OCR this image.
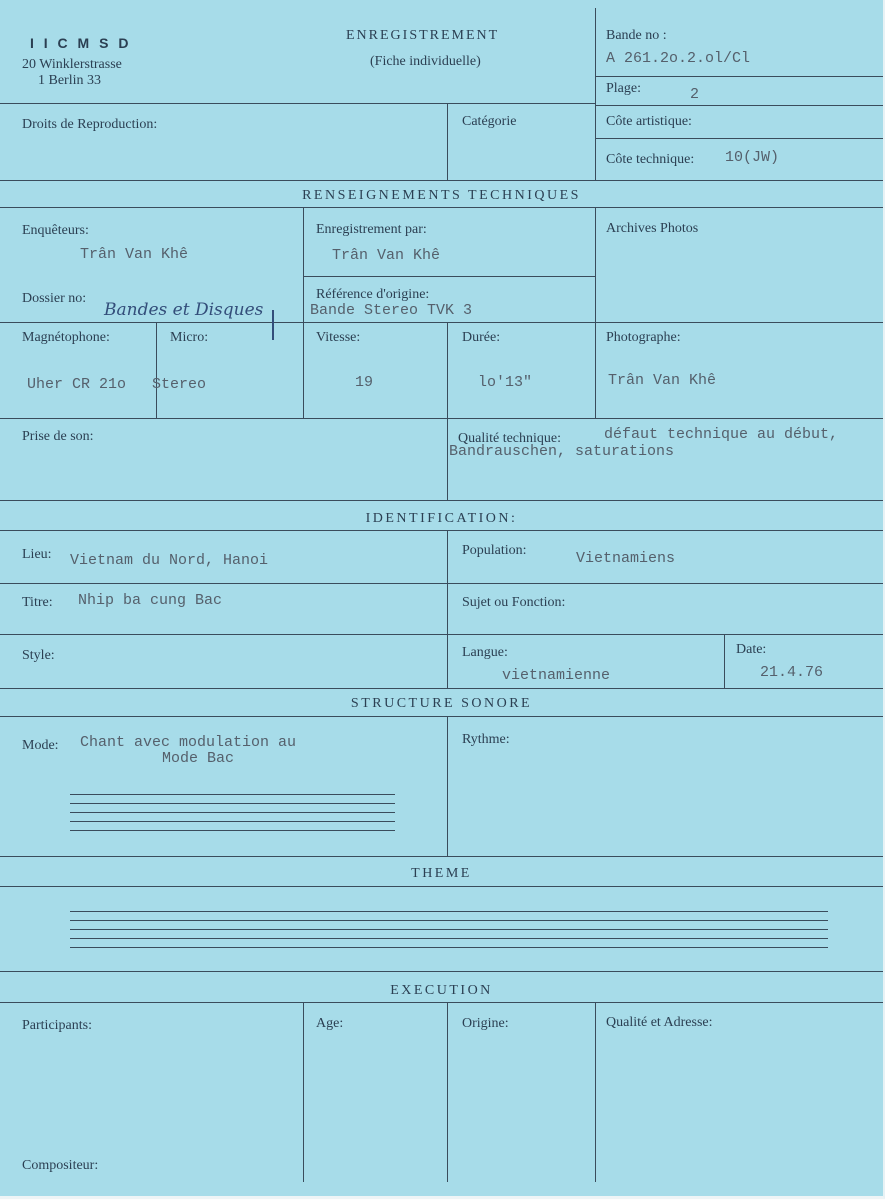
I I C M S D
20 Winklerstrasse
1 Berlin 33
ENREGISTREMENT
(Fiche individuelle)
Bande no :
A 261.2o.2.ol/Cl
Plage:	2
Droits de Reproduction:	Catégorie	Côte artistique:
Côte technique: 10(JW)
RENSEIGNEMENTS TECHNIQUES
Enquêteurs:
Trân Van Khê
Enregistrement par:
Trân Van Khê
Archives Photos
Dossier no:
Bandes et Disques
Référence d'origine:
Bande Stereo TVK 3
Magnétophone:
Uher CR 21o
Micro:
Stereo
Vitesse:
19
Durée:
lo'13"
Photographe:
Trân Van Khê
Prise de son:	Qualité technique:	défaut technique au début,
Bandrauschen, saturations
IDENTIFICATION:
Lieu: Vietnam du Nord, Hanoi
Population:	Vietnamiens
Titre: Nhip ba cung Bac	Sujet ou Fonction:
Style:	Langue:
vietnamienne
Date:
21.4.76
STRUCTURE SONORE
Mode: Chant avec modulation au
Mode Bac
Rythme:
THEME
EXECUTION
Participants:	Age:	Origine:	Qualité et Adresse:
Compositeur:
